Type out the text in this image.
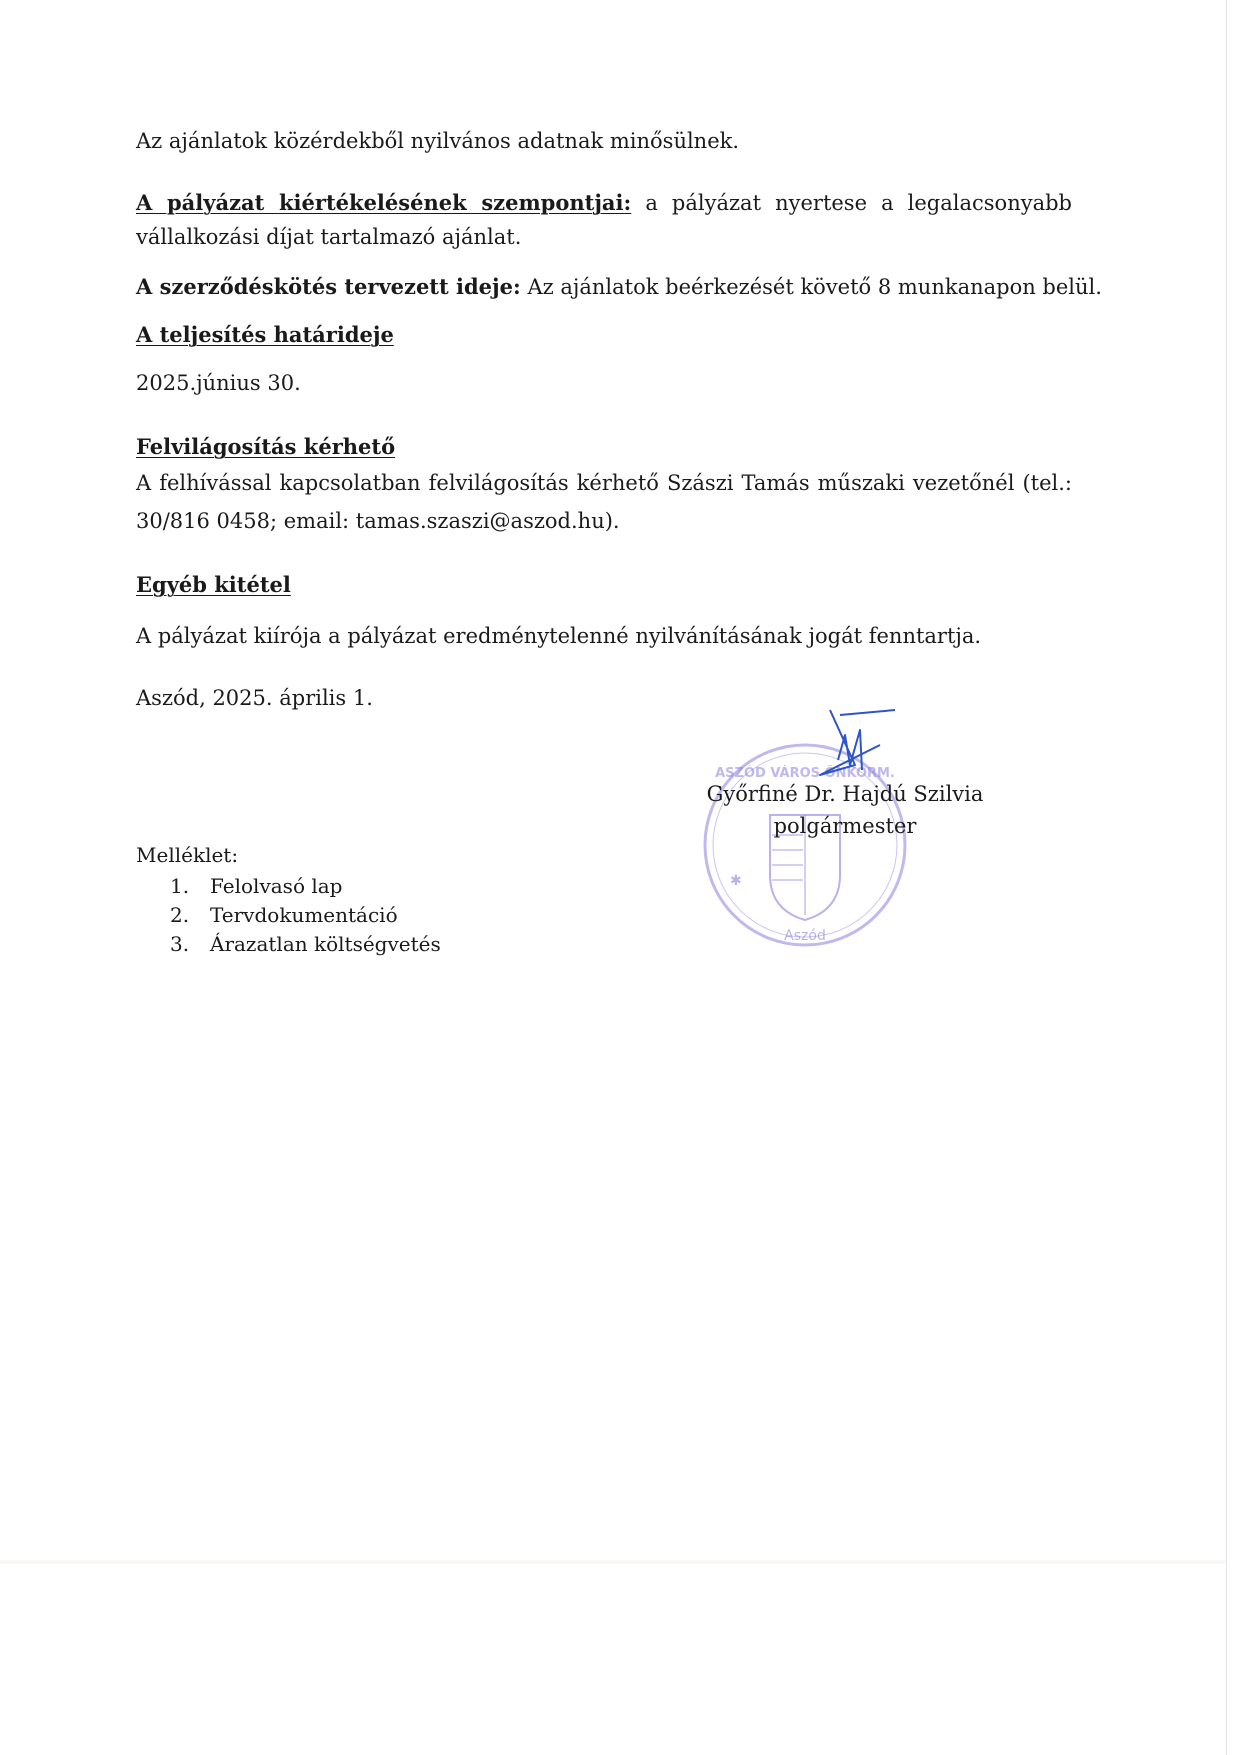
Az ajánlatok közérdekből nyilvános adatnak minősülnek.
A pályázat kiértékelésének szempontjai: a pályázat nyertese a legalacsonyabb
vállalkozási díjat tartalmazó ajánlat.
A szerződéskötés tervezett ideje: Az ajánlatok beérkezését követő 8 munkanapon belül.
A teljesítés határideje
2025.június 30.
Felvilágosítás kérhető
A felhívással kapcsolatban felvilágosítás kérhető Szászi Tamás műszaki vezetőnél (tel.:
30/816 0458; email: tamas.szaszi@aszod.hu).
Egyéb kitétel
A pályázat kiírója a pályázat eredménytelenné nyilvánításának jogát fenntartja.
Aszód, 2025. április 1.
✱
Aszód
ASZÓD VÁROS ÖNKORM.
Győrfiné Dr. Hajdú Szilvia
polgármester
Melléklet:
1. Felolvasó lap
2. Tervdokumentáció
3. Árazatlan költségvetés
